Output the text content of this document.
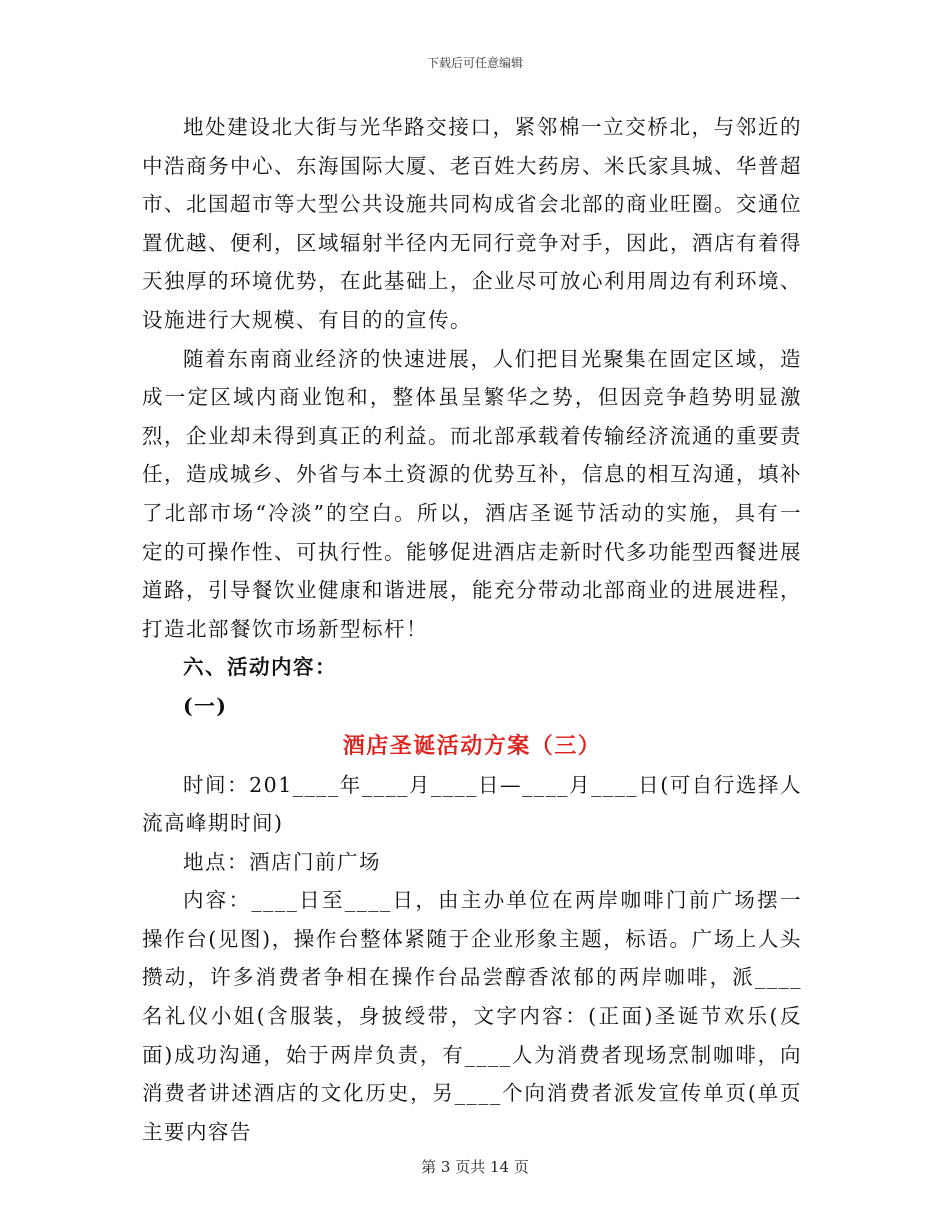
下载后可任意编辑

地处建设北大街与光华路交接口，紧邻棉一立交桥北，与邻近的中浩商务中心、东海国际大厦、老百姓大药房、米氏家具城、华普超市、北国超市等大型公共设施共同构成省会北部的商业旺圈。交通位置优越、便利，区域辐射半径内无同行竞争对手，因此，酒店有着得天独厚的环境优势，在此基础上，企业尽可放心利用周边有利环境、设施进行大规模、有目的的宣传。

随着东南商业经济的快速进展，人们把目光聚集在固定区域，造成一定区域内商业饱和，整体虽呈繁华之势，但因竞争趋势明显激烈，企业却未得到真正的利益。而北部承载着传输经济流通的重要责任，造成城乡、外省与本土资源的优势互补，信息的相互沟通，填补了北部市场“冷淡”的空白。所以，酒店圣诞节活动的实施，具有一定的可操作性、可执行性。能够促进酒店走新时代多功能型西餐进展道路，引导餐饮业健康和谐进展，能充分带动北部商业的进展进程，打造北部餐饮市场新型标杆！

六、活动内容：

(一)

酒店圣诞活动方案（三）

时间：201____年____月____日—____月____日(可自行选择人流高峰期时间)

地点：酒店门前广场

内容：____日至____日，由主办单位在两岸咖啡门前广场摆一操作台(见图)，操作台整体紧随于企业形象主题，标语。广场上人头攒动，许多消费者争相在操作台品尝醇香浓郁的两岸咖啡，派____名礼仪小姐(含服装，身披绶带，文字内容：(正面)圣诞节欢乐(反面)成功沟通，始于两岸负责，有____人为消费者现场烹制咖啡，向消费者讲述酒店的文化历史，另____个向消费者派发宣传单页(单页主要内容告

第 3 页共 14 页
